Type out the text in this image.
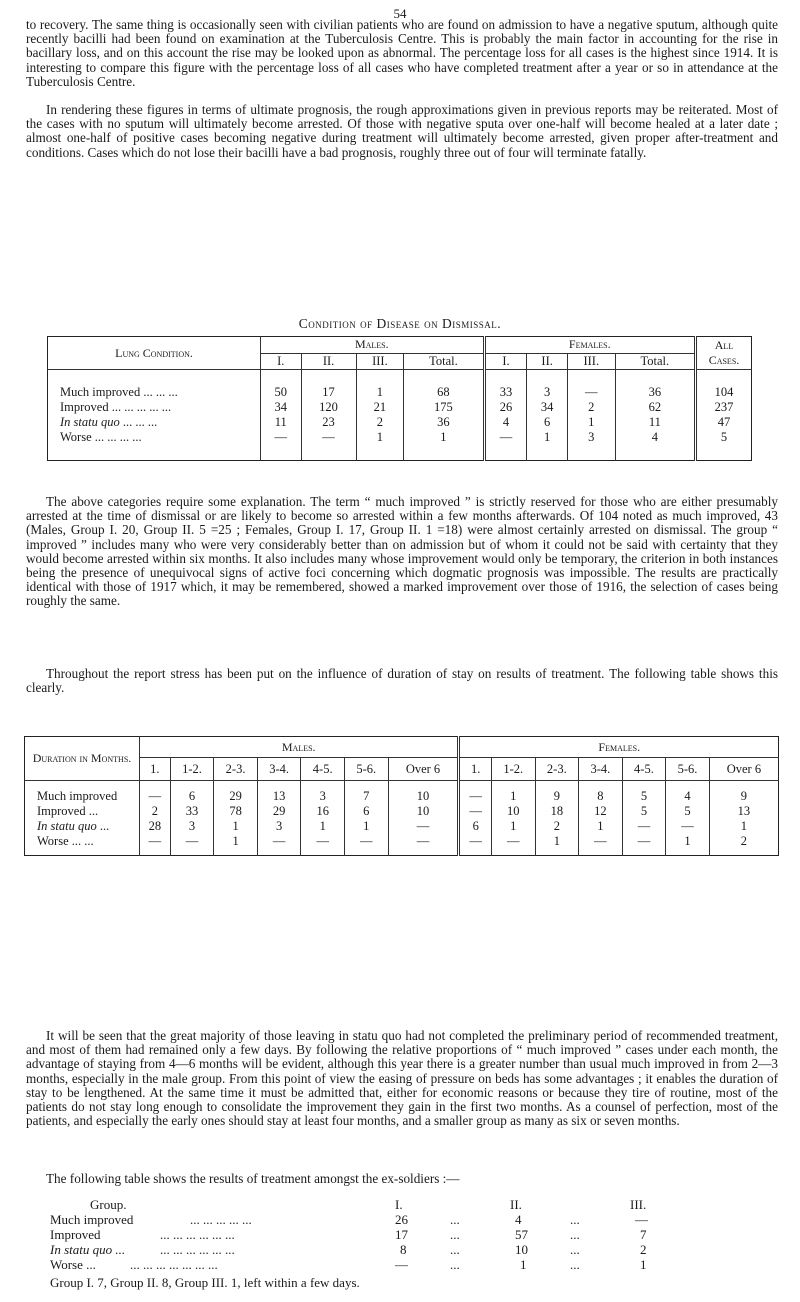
54

to recovery. The same thing is occasionally seen with civilian patients who are found on admission to have a negative sputum, although quite recently bacilli had been found on examination at the Tuberculosis Centre. This is probably the main factor in accounting for the rise in bacillary loss, and on this account the rise may be looked upon as abnormal. The percentage loss for all cases is the highest since 1914. It is interesting to compare this figure with the percentage loss of all cases who have completed treatment after a year or so in attendance at the Tuberculosis Centre.

In rendering these figures in terms of ultimate prognosis, the rough approximations given in previous reports may be reiterated. Most of the cases with no sputum will ultimately become arrested. Of those with negative sputa over one-half will become healed at a later date ; almost one-half of positive cases becoming negative during treatment will ultimately become arrested, given proper after-treatment and conditions. Cases which do not lose their bacilli have a bad prognosis, roughly three out of four will terminate fatally.

Condition of Disease on Dismissal.
Lung Condition.	Males.				Females.				All Cases.
	I.	II.	III.	Total.	I.	II.	III.	Total.	

Much improved ... ... ...	50	17	1	68	33	3	—	36	104
Improved ... ... ... ... ...	34	120	21	175	26	34	2	62	237
In statu quo ... ... ...	11	23	2	36	4	6	1	11	47
Worse ... ... ... ...	—	—	1	1	—	1	3	4	5

The above categories require some explanation. The term “ much improved ” is strictly reserved for those who are either presumably arrested at the time of dismissal or are likely to become so arrested within a few months afterwards. Of 104 noted as much improved, 43 (Males, Group I. 20, Group II. 5 =25 ; Females, Group I. 17, Group II. 1 =18) were almost certainly arrested on dismissal. The group “ improved ” includes many who were very considerably better than on admission but of whom it could not be said with certainty that they would become arrested within six months. It also includes many whose improvement would only be temporary, the criterion in both instances being the presence of unequivocal signs of active foci concerning which dogmatic prognosis was impossible. The results are practically identical with those of 1917 which, it may be remembered, showed a marked improvement over those of 1916, the selection of cases being roughly the same.

Throughout the report stress has been put on the influence of duration of stay on results of treatment. The following table shows this clearly.

Duration in Months.	Males.							Females.						
	1.	1-2.	2-3.	3-4.	4-5.	5-6.	Over 6	1.	1-2.	2-3.	3-4.	4-5.	5-6.	Over 6

Much improved	—	6	29	13	3	7	10	—	1	9	8	5	4	9
Improved ...	2	33	78	29	16	6	10	—	10	18	12	5	5	13
In statu quo ...	28	3	1	3	1	1	—	6	1	2	1	—	—	1
Worse ... ...	—	—	1	—	—	—	—	—	—	1	—	—	1	2

It will be seen that the great majority of those leaving in statu quo had not completed the preliminary period of recommended treatment, and most of them had remained only a few days. By following the relative proportions of “ much improved ” cases under each month, the advantage of staying from 4—6 months will be evident, although this year there is a greater number than usual much improved in from 2—3 months, especially in the male group. From this point of view the easing of pressure on beds has some advantages ; it enables the duration of stay to be lengthened. At the same time it must be admitted that, either for economic reasons or because they tire of routine, most of the patients do not stay long enough to consolidate the improvement they gain in the first two months. As a counsel of perfection, most of the patients, and especially the early ones should stay at least four months, and a smaller group as many as six or seven months.

The following table shows the results of treatment amongst the ex-soldiers :—

Group.	I.	II.	III.
Much improved	... ... ... ... ...	26	...	4	...	—
Improved	... ... ... ... ... ...	17	...	57	...	7
In statu quo ...	... ... ... ... ... ...	8	...	10	...	2
Worse ...	... ... ... ... ... ... ...	—	...	1	...	1
Group I. 7, Group II. 8, Group III. 1, left within a few days.
